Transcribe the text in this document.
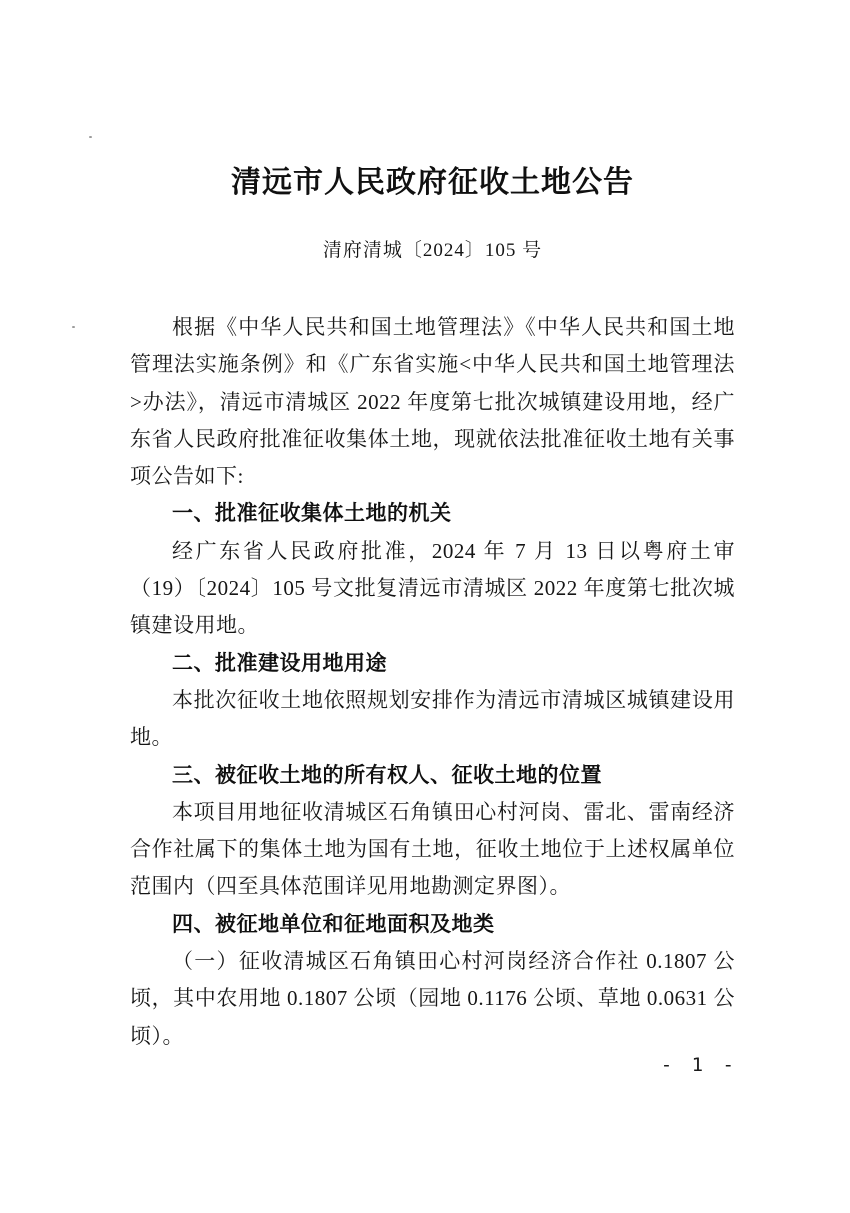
清远市人民政府征收土地公告

清府清城〔2024〕105 号

根据《中华人民共和国土地管理法》《中华人民共和国土地管理法实施条例》和《广东省实施<中华人民共和国土地管理法>办法》，清远市清城区 2022 年度第七批次城镇建设用地，经广东省人民政府批准征收集体土地，现就依法批准征收土地有关事项公告如下:

一、批准征收集体土地的机关

经广东省人民政府批准，2024 年 7 月 13 日以粤府土审（19）〔2024〕105 号文批复清远市清城区 2022 年度第七批次城镇建设用地。

二、批准建设用地用途

本批次征收土地依照规划安排作为清远市清城区城镇建设用地。

三、被征收土地的所有权人、征收土地的位置

本项目用地征收清城区石角镇田心村河岗、雷北、雷南经济合作社属下的集体土地为国有土地，征收土地位于上述权属单位范围内（四至具体范围详见用地勘测定界图）。

四、被征地单位和征地面积及地类

（一）征收清城区石角镇田心村河岗经济合作社 0.1807 公顷，其中农用地 0.1807 公顷（园地 0.1176 公顷、草地 0.0631 公顷）。

- 1 -
